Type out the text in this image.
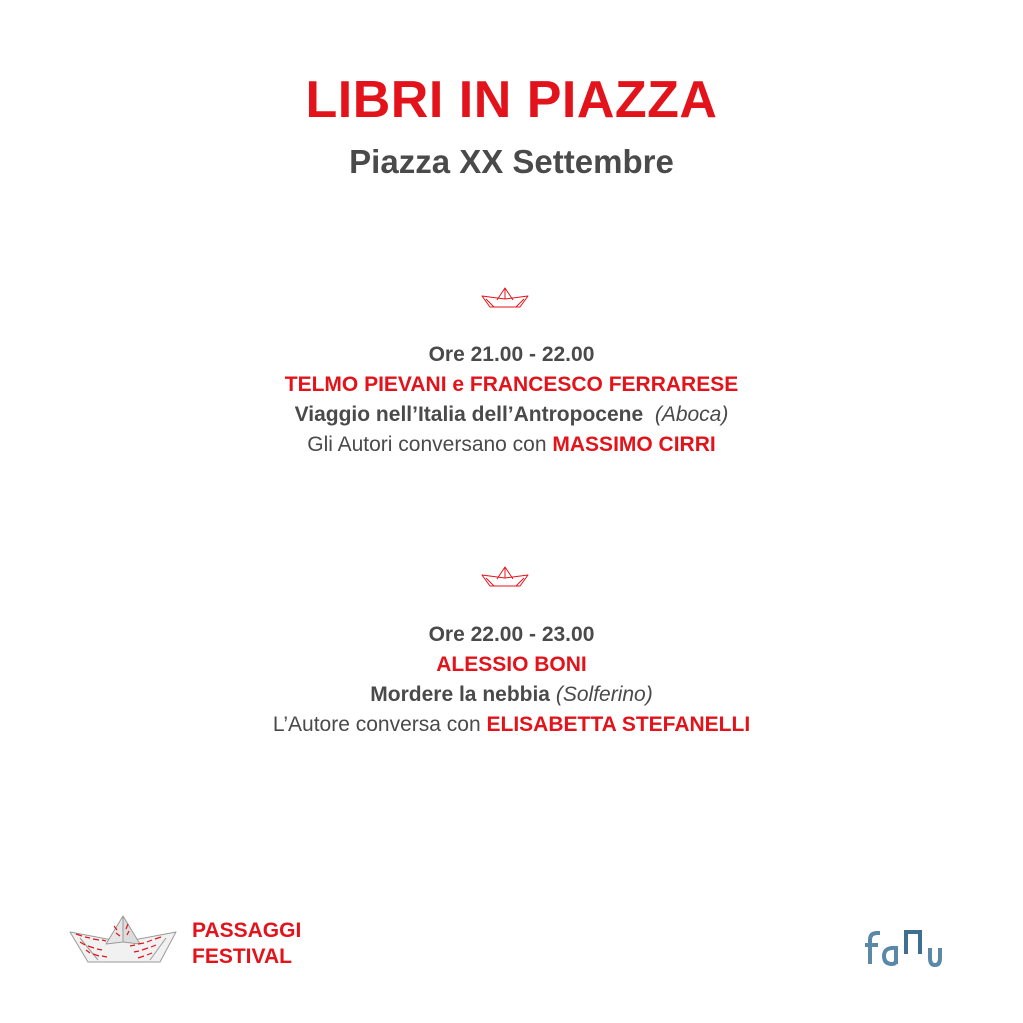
LIBRI IN PIAZZA
Piazza XX Settembre
Ore 21.00 - 22.00
TELMO PIEVANI e FRANCESCO FERRARESE
Viaggio nell’Italia dell’Antropocene (Aboca)
Gli Autori conversano con MASSIMO CIRRI
Ore 22.00 - 23.00
ALESSIO BONI
Mordere la nebbia (Solferino)
L’Autore conversa con ELISABETTA STEFANELLI
PASSAGGI
FESTIVAL
